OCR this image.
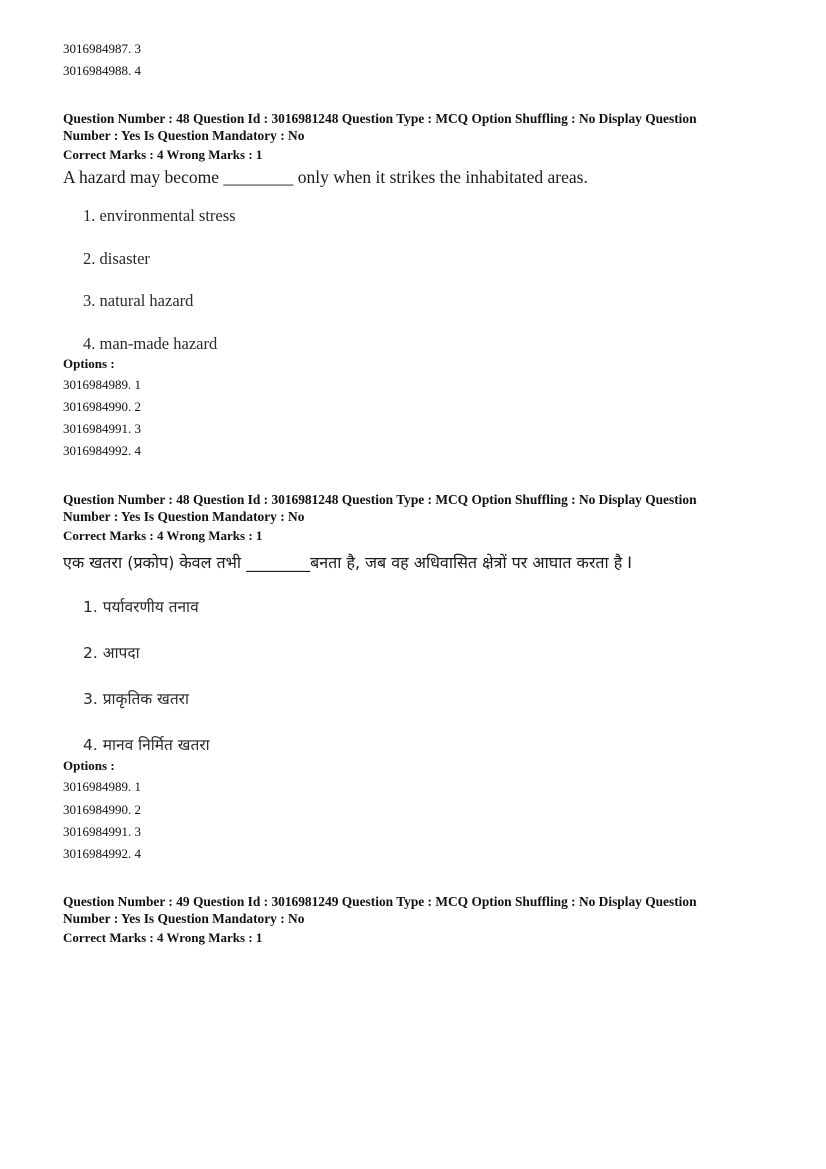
3016984987. 3
3016984988. 4
Question Number : 48 Question Id : 3016981248 Question Type : MCQ Option Shuffling : No Display Question
Number : Yes Is Question Mandatory : No
Correct Marks : 4 Wrong Marks : 1
A hazard may become ________ only when it strikes the inhabitated areas.
1. environmental stress
2. disaster
3. natural hazard
4. man-made hazard
Options :
3016984989. 1
3016984990. 2
3016984991. 3
3016984992. 4
Question Number : 48 Question Id : 3016981248 Question Type : MCQ Option Shuffling : No Display Question
Number : Yes Is Question Mandatory : No
Correct Marks : 4 Wrong Marks : 1
एक खतरा (प्रकोप) केवल तभी ________बनता है, जब वह अधिवासित क्षेत्रों पर आघात करता है I
1. पर्यावरणीय तनाव
2. आपदा
3. प्राकृतिक खतरा
4. मानव निर्मित खतरा
Options :
3016984989. 1
3016984990. 2
3016984991. 3
3016984992. 4
Question Number : 49 Question Id : 3016981249 Question Type : MCQ Option Shuffling : No Display Question
Number : Yes Is Question Mandatory : No
Correct Marks : 4 Wrong Marks : 1
